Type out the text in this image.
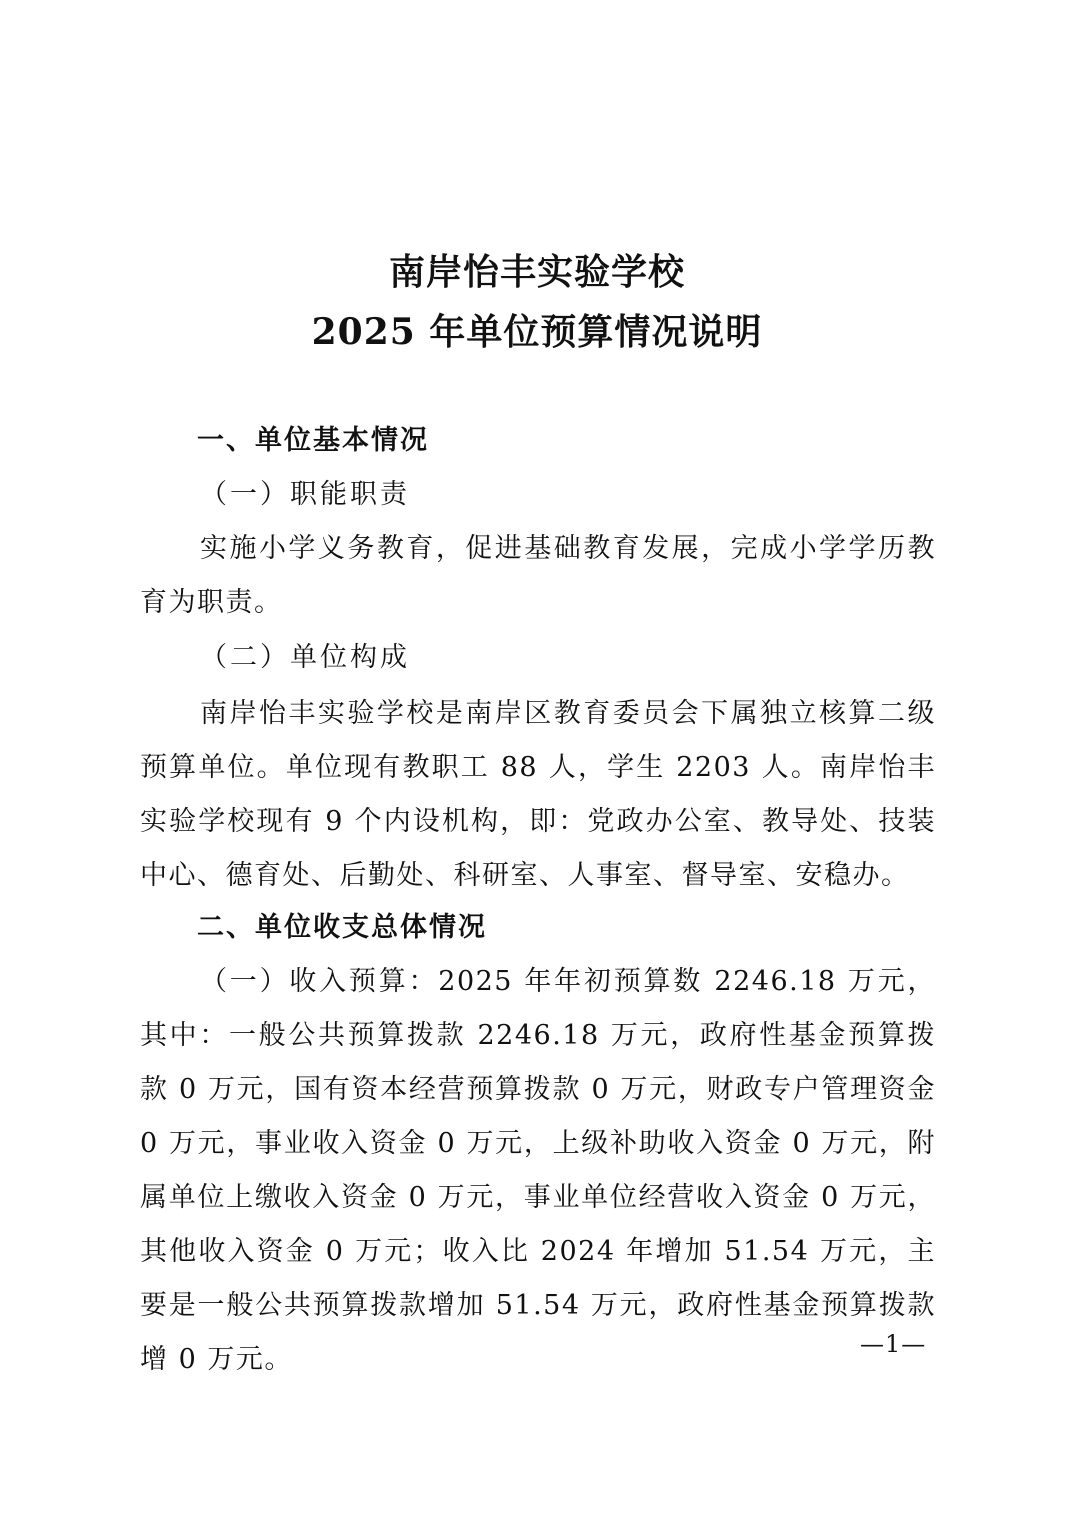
南岸怡丰实验学校
2025 年单位预算情况说明
一、单位基本情况
（一）职能职责
实施小学义务教育，促进基础教育发展，完成小学学历教育为职责。
（二）单位构成
南岸怡丰实验学校是南岸区教育委员会下属独立核算二级预算单位。单位现有教职工 88 人，学生 2203 人。南岸怡丰实验学校现有 9 个内设机构，即：党政办公室、教导处、技装中心、德育处、后勤处、科研室、人事室、督导室、安稳办。
二、单位收支总体情况
（一）收入预算：2025 年年初预算数 2246.18 万元，其中：一般公共预算拨款 2246.18 万元，政府性基金预算拨款 0 万元，国有资本经营预算拨款 0 万元，财政专户管理资金 0 万元，事业收入资金 0 万元，上级补助收入资金 0 万元，附属单位上缴收入资金 0 万元，事业单位经营收入资金 0 万元，其他收入资金 0 万元；收入比 2024 年增加 51.54 万元，主要是一般公共预算拨款增加 51.54 万元，政府性基金预算拨款增 0 万元。	—1—
